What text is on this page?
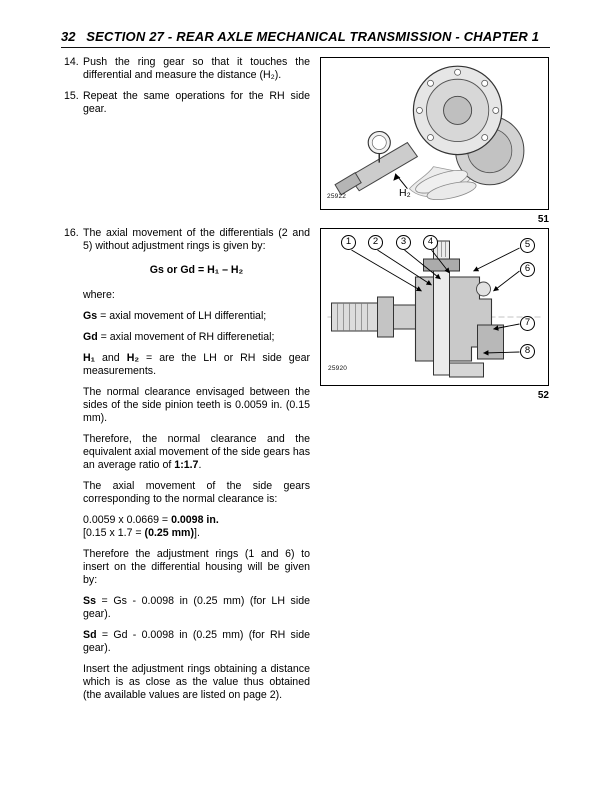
32 SECTION 27 - REAR AXLE MECHANICAL TRANSMISSION - CHAPTER 1
14. Push the ring gear so that it touches the differential and measure the distance (H₂).

15. Repeat the same operations for the RH side gear.

16. The axial movement of the differentials (2 and 5) without adjustment rings is given by:

Gs or Gd = H₁ – H₂

where:

Gs = axial movement of LH differential;

Gd = axial movement of RH differenetial;

H₁ and H₂ = are the LH or RH side gear measurements.

The normal clearance envisaged between the sides of the side pinion teeth is 0.0059 in. (0.15 mm).

Therefore, the normal clearance and the equivalent axial movement of the side gears has an average ratio of 1:1.7.

The axial movement of the side gears corresponding to the normal clearance is:

0.0059 x 0.0669 = 0.0098 in.

[0.15 x 1.7 = (0.25 mm)].

Therefore the adjustment rings (1 and 6) to insert on the differential housing will be given by:

Ss = Gs - 0.0098 in (0.25 mm) (for LH side gear).

Sd = Gd - 0.0098 in (0.25 mm) (for RH side gear).

Insert the adjustment rings obtaining a distance which is as close as the value thus obtained (the available values are listed on page 2).

25922	H₂
51
1	2	3	4	5
6
7
8
25920
52
